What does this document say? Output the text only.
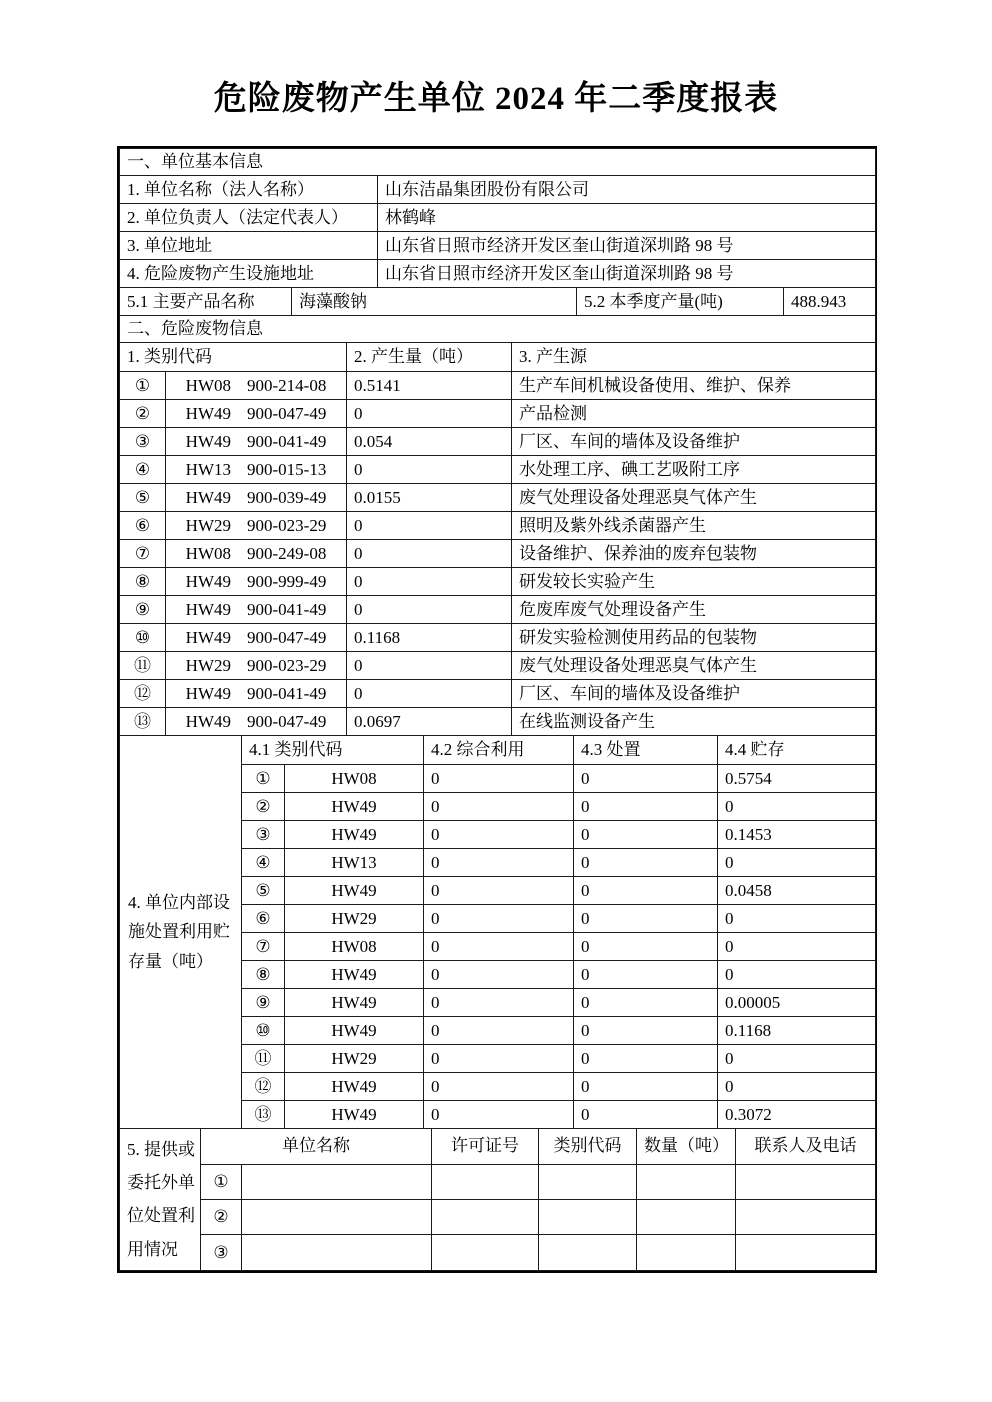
危险废物产生单位 2024 年二季度报表
一、单位基本信息	
1. 单位名称（法人名称）	山东洁晶集团股份有限公司
2. 单位负责人（法定代表人）	林鹤峰
3. 单位地址	山东省日照市经济开发区奎山街道深圳路 98 号
4. 危险废物产生设施地址	山东省日照市经济开发区奎山街道深圳路 98 号
5.1 主要产品名称	海藻酸钠	5.2 本季度产量(吨)	488.943
二、危险废物信息			
1. 类别代码		2. 产生量（吨）	3. 产生源
①	HW08 900-214-08	0.5141	生产车间机械设备使用、维护、保养
②	HW49 900-047-49	0	产品检测
③	HW49 900-041-49	0.054	厂区、车间的墙体及设备维护
④	HW13 900-015-13	0	水处理工序、碘工艺吸附工序
⑤	HW49 900-039-49	0.0155	废气处理设备处理恶臭气体产生
⑥	HW29 900-023-29	0	照明及紫外线杀菌器产生
⑦	HW08 900-249-08	0	设备维护、保养油的废弃包装物
⑧	HW49 900-999-49	0	研发较长实验产生
⑨	HW49 900-041-49	0	危废库废气处理设备产生
⑩	HW49 900-047-49	0.1168	研发实验检测使用药品的包装物
⑪	HW29 900-023-29	0	废气处理设备处理恶臭气体产生
⑫	HW49 900-041-49	0	厂区、车间的墙体及设备维护
⑬	HW49 900-047-49	0.0697	在线监测设备产生
4. 单位内部设施处置利用贮存量（吨）	4.1 类别代码		4.2 综合利用	4.3 处置	4.4 贮存
	①	HW08	0	0	0.5754
	②	HW49	0	0	0
	③	HW49	0	0	0.1453
	④	HW13	0	0	0
	⑤	HW49	0	0	0.0458
	⑥	HW29	0	0	0
	⑦	HW08	0	0	0
	⑧	HW49	0	0	0
	⑨	HW49	0	0	0.00005
	⑩	HW49	0	0	0.1168
	⑪	HW29	0	0	0
	⑫	HW49	0	0	0
	⑬	HW49	0	0	0.3072
5. 提供或委托外单位处置利用情况	单位名称		许可证号	类别代码	数量（吨）	联系人及电话
	①					
	②					
	③					
